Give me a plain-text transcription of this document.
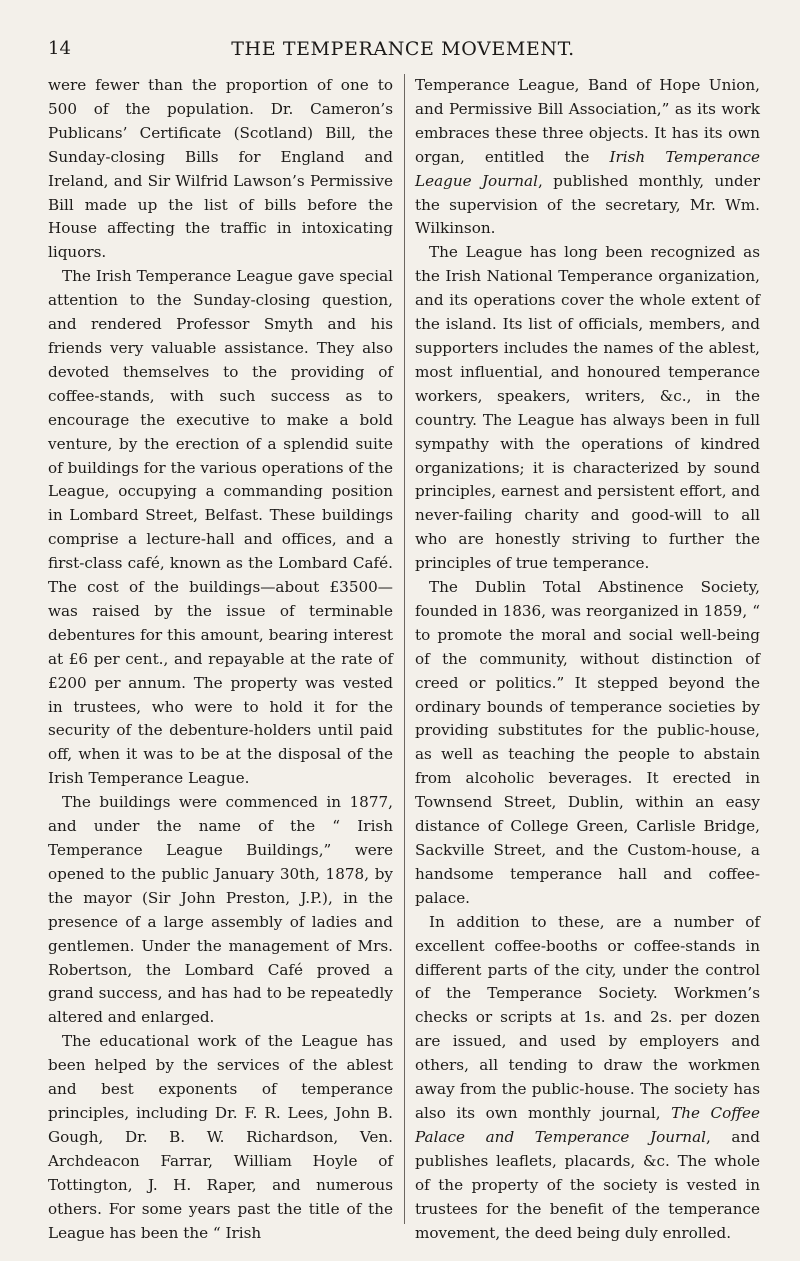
14	THE TEMPERANCE MOVEMENT.

were fewer than the proportion of one to 500 of the population. Dr. Cameron’s Publicans’ Certificate (Scotland) Bill, the Sunday-closing Bills for England and Ireland, and Sir Wilfrid Lawson’s Permissive Bill made up the list of bills before the House affecting the traffic in intoxicating liquors.

The Irish Temperance League gave special attention to the Sunday-closing question, and rendered Professor Smyth and his friends very valuable assistance. They also devoted themselves to the providing of coffee-stands, with such success as to encourage the executive to make a bold venture, by the erection of a splendid suite of buildings for the various operations of the League, occupying a commanding position in Lombard Street, Belfast. These buildings comprise a lecture-hall and offices, and a first-class café, known as the Lombard Café. The cost of the buildings—about £3500—was raised by the issue of terminable debentures for this amount, bearing interest at £6 per cent., and repayable at the rate of £200 per annum. The property was vested in trustees, who were to hold it for the security of the debenture-holders until paid off, when it was to be at the disposal of the Irish Temperance League.

The buildings were commenced in 1877, and under the name of the “ Irish Temperance League Buildings,” were opened to the public January 30th, 1878, by the mayor (Sir John Preston, J.P.), in the presence of a large assembly of ladies and gentlemen. Under the management of Mrs. Robertson, the Lombard Café proved a grand success, and has had to be repeatedly altered and enlarged.

The educational work of the League has been helped by the services of the ablest and best exponents of temperance principles, including Dr. F. R. Lees, John B. Gough, Dr. B. W. Richardson, Ven. Archdeacon Farrar, William Hoyle of Tottington, J. H. Raper, and numerous others. For some years past the title of the League has been the “ Irish

Temperance League, Band of Hope Union, and Permissive Bill Association,” as its work embraces these three objects. It has its own organ, entitled the Irish Temperance League Journal, published monthly, under the supervision of the secretary, Mr. Wm. Wilkinson.

The League has long been recognized as the Irish National Temperance organization, and its operations cover the whole extent of the island. Its list of officials, members, and supporters includes the names of the ablest, most influential, and honoured temperance workers, speakers, writers, &c., in the country. The League has always been in full sympathy with the operations of kindred organizations; it is characterized by sound principles, earnest and persistent effort, and never-failing charity and good-will to all who are honestly striving to further the principles of true temperance.

The Dublin Total Abstinence Society, founded in 1836, was reorganized in 1859, “ to promote the moral and social well-being of the community, without distinction of creed or politics.” It stepped beyond the ordinary bounds of temperance societies by providing substitutes for the public-house, as well as teaching the people to abstain from alcoholic beverages. It erected in Townsend Street, Dublin, within an easy distance of College Green, Carlisle Bridge, Sackville Street, and the Custom-house, a handsome temperance hall and coffee-palace.

In addition to these, are a number of excellent coffee-booths or coffee-stands in different parts of the city, under the control of the Temperance Society. Workmen’s checks or scripts at 1s. and 2s. per dozen are issued, and used by employers and others, all tending to draw the workmen away from the public-house. The society has also its own monthly journal, The Coffee Palace and Temperance Journal, and publishes leaflets, placards, &c. The whole of the property of the society is vested in trustees for the benefit of the temperance movement, the deed being duly enrolled.
